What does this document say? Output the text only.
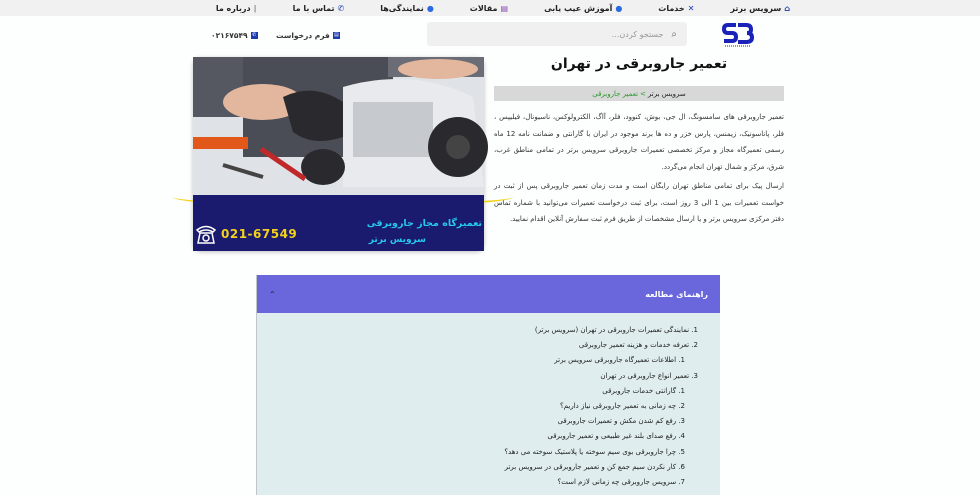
⌂
سرویس برتر
✕
خدمات
●
آموزش عیب یابی
▤
مقالات
●
نمایندگی‌ها
✆
تماس با ما
ǀ
درباره ما
⌕
جستجو کردن...
▤
فرم درخواست
✆
۰۲۱۶۷۵۴۹
تعمیر جاروبرقی در تهران
سرویس برتر
>
تعمیر جاروبرقی

تعمیر جاروبرقی های سامسونگ، ال جی، بوش، کنوود، فلر، آاگ، الکترولوکس، ناسیونال، فیلیپس ، فلر، پاناسونیک، زیمنس، پارس خزر و ده ها برند موجود در ایران با گارانتی و ضمانت نامه 12 ماه رسمی تعمیرگاه مجاز و مرکز تخصصی تعمیرات جاروبرقی سرویس برتر در تمامی مناطق غرب، شرق، مرکز و شمال تهران انجام می‌گردد.

ارسال پیک برای تمامی مناطق تهران رایگان است و مدت زمان تعمیر جاروبرقی پس از ثبت در خواست تعمیرات بین 1 الی 3 روز است، برای ثبت درخواست تعمیرات می‌توانید با شماره تماس دفتر مرکزی سرویس برتر و یا ارسال مشخصات از طریق فرم ثبت سفارش آنلاین اقدام نمایید.

021-67549
تعمیرگاه مجاز جاروبرقی
سرویس برتر
راهنمای مطالعه
⌃
1. نمایندگی تعمیرات جاروبرقی در تهران (سرویس برتر)
2. تعرفه خدمات و هزینه تعمیر جاروبرقی
1. اطلاعات تعمیرگاه جاروبرقی سرویس برتر
3. تعمیر انواع جاروبرقی در تهران
1. گارانتی خدمات جاروبرقی
2. چه زمانی به تعمیر جاروبرقی نیاز داریم؟
3. رفع کم شدن مکش و تعمیرات جاروبرقی
4. رفع صدای بلند غیر طبیعی و تعمیر جاروبرقی
5. چرا جاروبرقی بوی سیم سوخته یا پلاستیک سوخته می دهد؟
6. کار نکردن سیم جمع کن و تعمیر جاروبرقی در سرویس برتر
7. سرویس جاروبرقی چه زمانی لازم است؟
